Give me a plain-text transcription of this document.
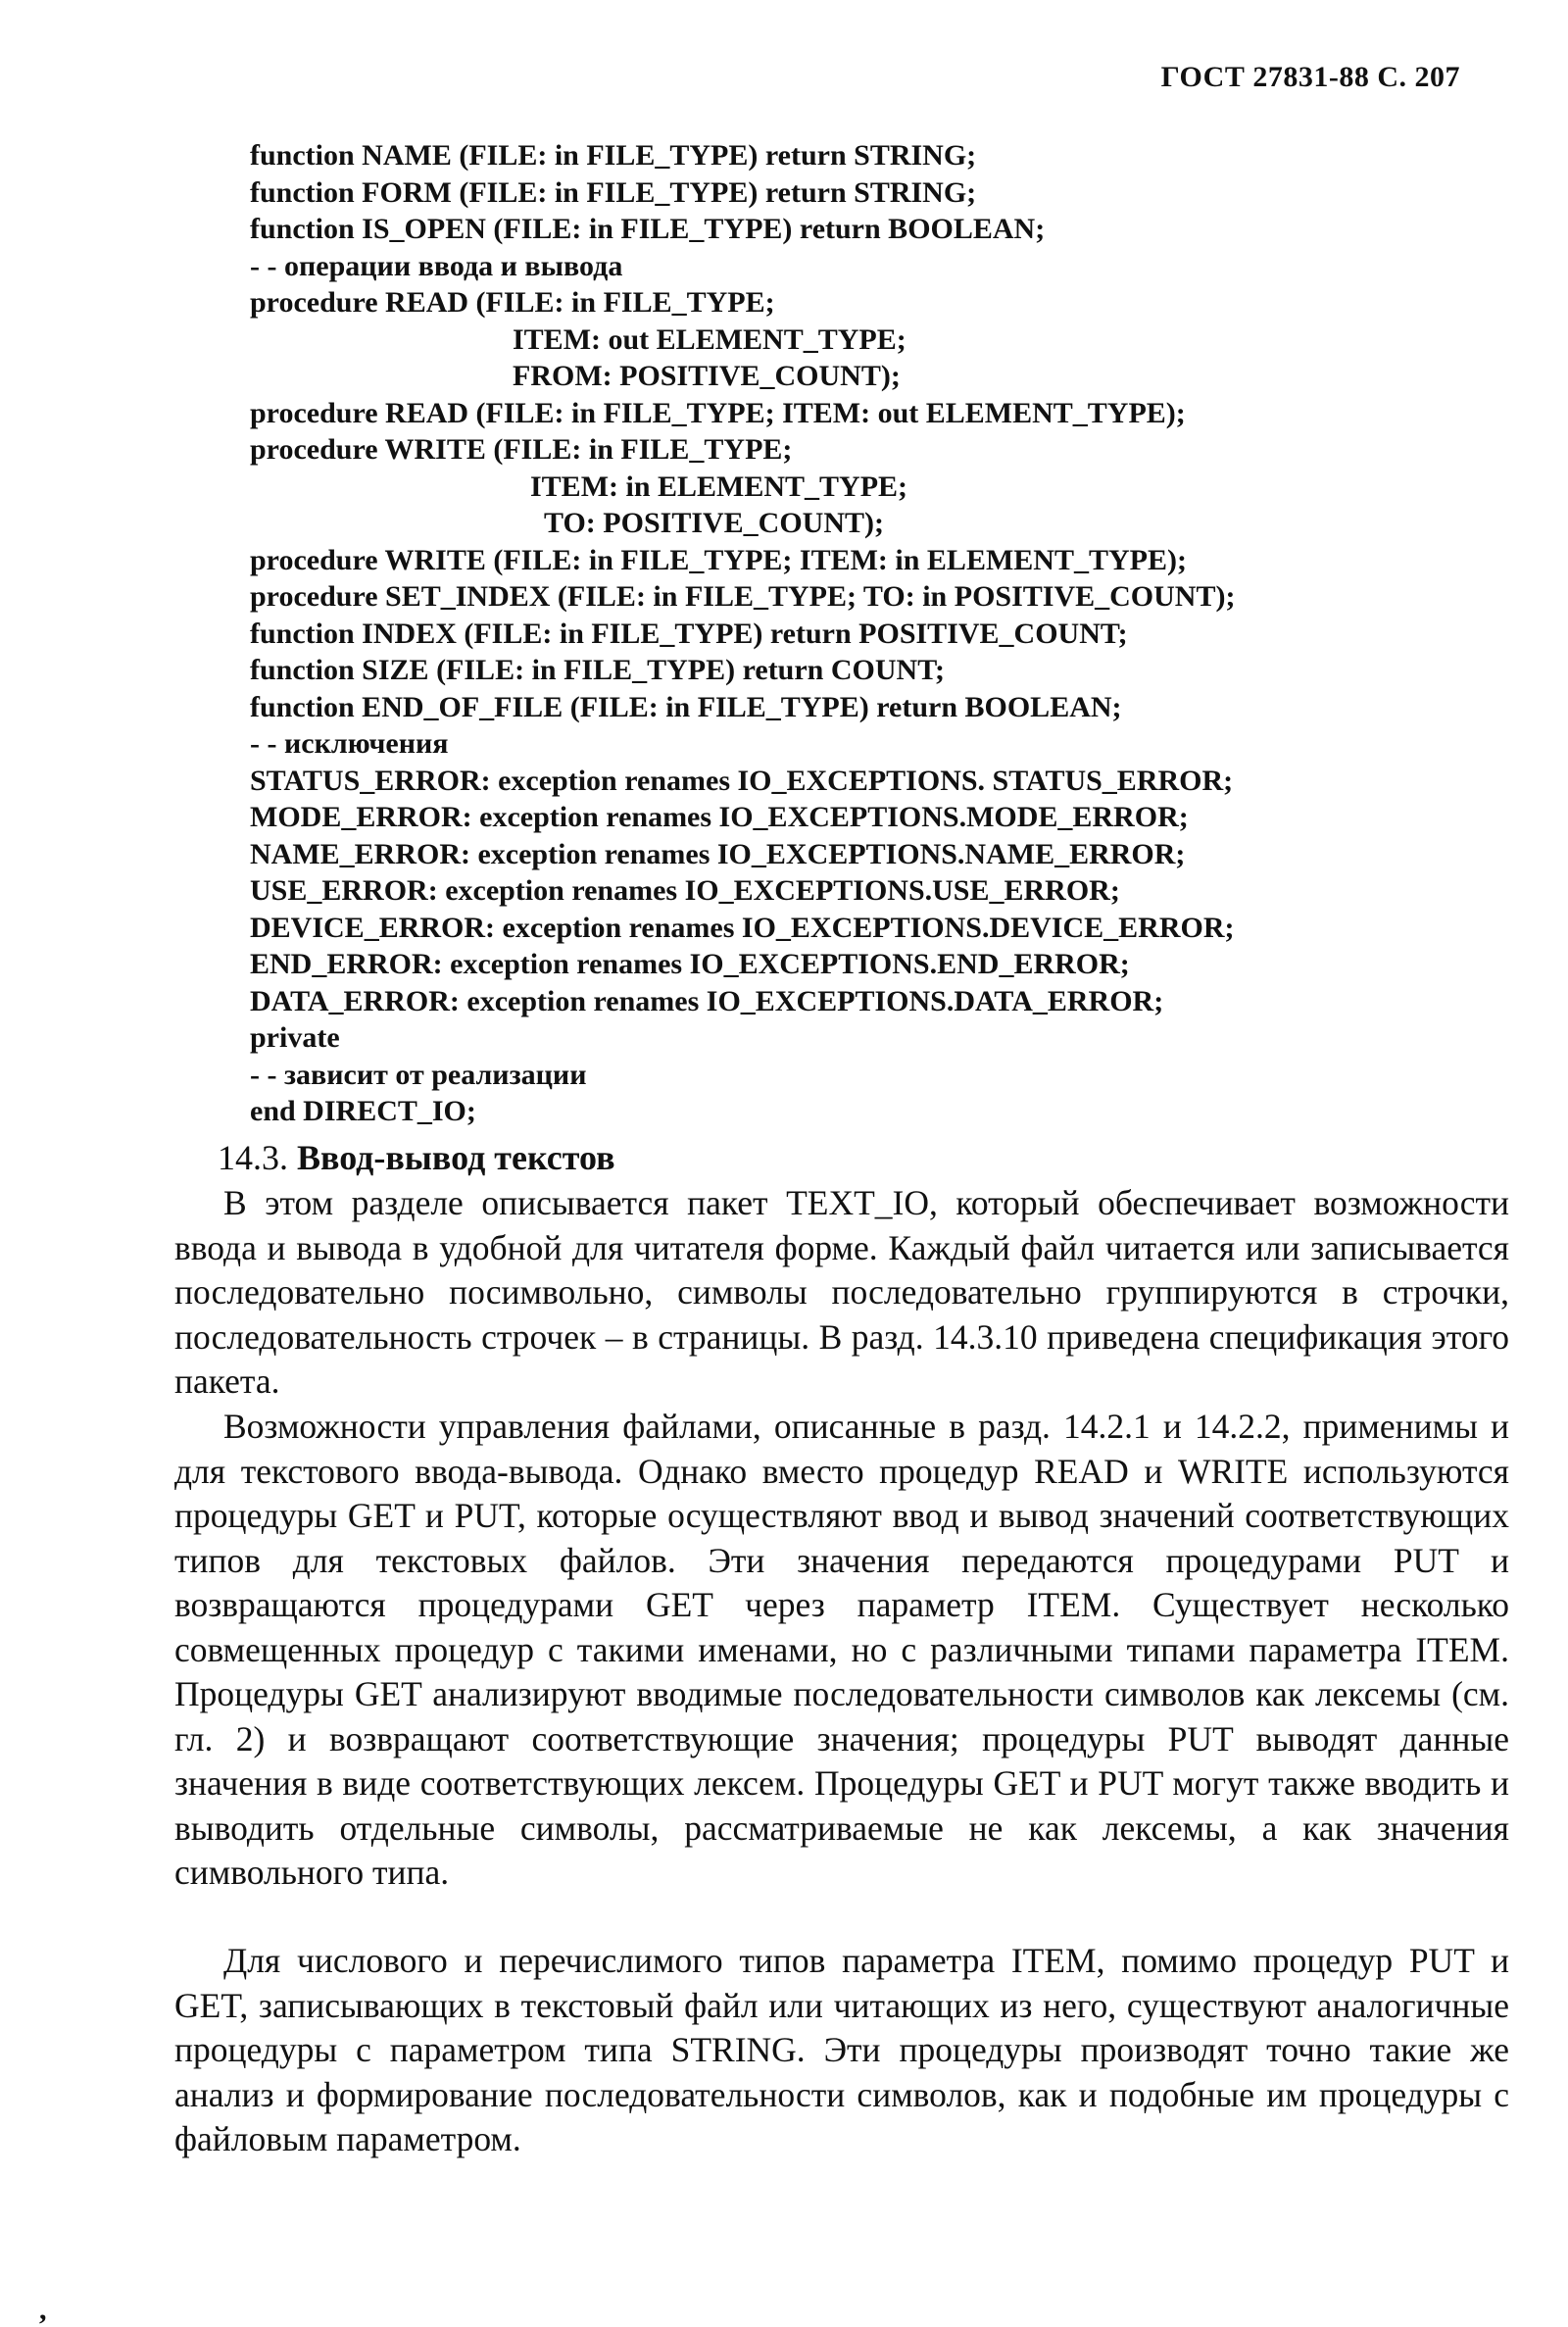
ГОСТ 27831-88 С. 207
function NAME (FILE: in FILE_TYPE) return STRING;
function FORM (FILE: in FILE_TYPE) return STRING;
function IS_OPEN (FILE: in FILE_TYPE) return BOOLEAN;
- - операции ввода и вывода
procedure READ (FILE: in FILE_TYPE;
ITEM: out ELEMENT_TYPE;
FROM: POSITIVE_COUNT);
procedure READ (FILE: in FILE_TYPE; ITEM: out ELEMENT_TYPE);
procedure WRITE (FILE: in FILE_TYPE;
ITEM: in ELEMENT_TYPE;
TO: POSITIVE_COUNT);
procedure WRITE (FILE: in FILE_TYPE; ITEM: in ELEMENT_TYPE);
procedure SET_INDEX (FILE: in FILE_TYPE; TO: in POSITIVE_COUNT);
function INDEX (FILE: in FILE_TYPE) return POSITIVE_COUNT;
function SIZE (FILE: in FILE_TYPE) return COUNT;
function END_OF_FILE (FILE: in FILE_TYPE) return BOOLEAN;
- - исключения
STATUS_ERROR: exception renames IO_EXCEPTIONS. STATUS_ERROR;
MODE_ERROR: exception renames IO_EXCEPTIONS.MODE_ERROR;
NAME_ERROR: exception renames IO_EXCEPTIONS.NAME_ERROR;
USE_ERROR: exception renames IO_EXCEPTIONS.USE_ERROR;
DEVICE_ERROR: exception renames IO_EXCEPTIONS.DEVICE_ERROR;
END_ERROR: exception renames IO_EXCEPTIONS.END_ERROR;
DATA_ERROR: exception renames IO_EXCEPTIONS.DATA_ERROR;
private
- - зависит от реализации
end DIRECT_IO;
14.3. Ввод-вывод текстов

В этом разделе описывается пакет TEXT_IO, который обеспечивает возможности ввода и вывода в удобной для читателя форме. Каждый файл читается или записывается последовательно посимвольно, символы последовательно группируются в строчки, последовательность строчек – в страницы. В разд. 14.3.10 приведена спецификация этого пакета.

Возможности управления файлами, описанные в разд. 14.2.1 и 14.2.2, применимы и для текстового ввода-вывода. Однако вместо процедур READ и WRITE используются процедуры GET и PUT, которые осуществляют ввод и вывод значений соответствующих типов для текстовых файлов. Эти значения передаются процедурами PUT и возвращаются процедурами GET через параметр ITEM. Существует несколько совмещенных процедур с такими именами, но с различными типами параметра ITEM. Процедуры GET анализируют вводимые последовательности символов как лексемы (см. гл. 2) и возвращают соответствующие значения; процедуры PUT выводят данные значения в виде соответствующих лексем. Процедуры GET и PUT могут также вводить и выводить отдельные символы, рассматриваемые не как лексемы, а как значения символьного типа.

Для числового и перечислимого типов параметра ITEM, помимо процедур PUT и GET, записывающих в текстовый файл или читающих из него, существуют аналогичные процедуры с параметром типа STRING. Эти процедуры производят точно такие же анализ и формирование последовательности символов, как и подобные им процедуры с файловым параметром.

,
